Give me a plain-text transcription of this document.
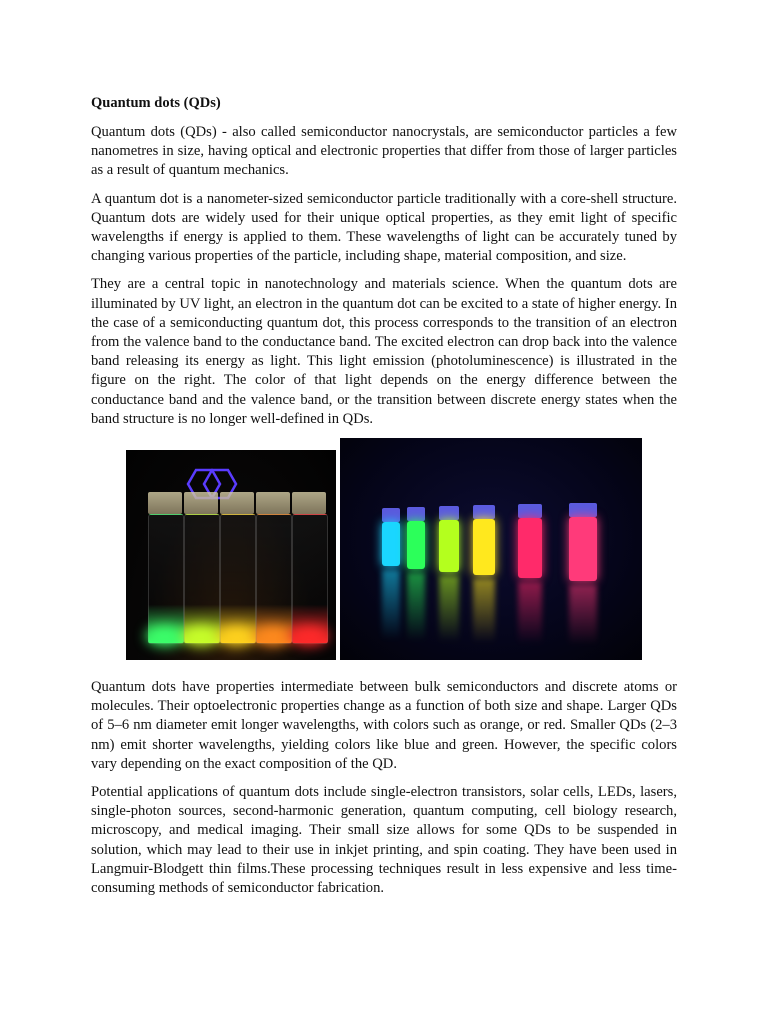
Quantum dots (QDs)

Quantum dots (QDs) - also called semiconductor nanocrystals, are semiconductor particles a few nanometres in size, having optical and electronic properties that differ from those of larger particles as a result of quantum mechanics.

A quantum dot is a nanometer-sized semiconductor particle traditionally with a core-shell structure. Quantum dots are widely used for their unique optical properties, as they emit light of specific wavelengths if energy is applied to them. These wavelengths of light can be accurately tuned by changing various properties of the particle, including shape, material composition, and size.

They are a central topic in nanotechnology and materials science. When the quantum dots are illuminated by UV light, an electron in the quantum dot can be excited to a state of higher energy. In the case of a semiconducting quantum dot, this process corresponds to the transition of an electron from the valence band to the conductance band. The excited electron can drop back into the valence band releasing its energy as light. This light emission (photoluminescence) is illustrated in the figure on the right. The color of that light depends on the energy difference between the conductance band and the valence band, or the transition between discrete energy states when the band structure is no longer well-defined in QDs.

Quantum dots have properties intermediate between bulk semiconductors and discrete atoms or molecules. Their optoelectronic properties change as a function of both size and shape. Larger QDs of 5–6 nm diameter emit longer wavelengths, with colors such as orange, or red. Smaller QDs (2–3 nm) emit shorter wavelengths, yielding colors like blue and green. However, the specific colors vary depending on the exact composition of the QD.

Potential applications of quantum dots include single-electron transistors, solar cells, LEDs, lasers, single-photon sources, second-harmonic generation, quantum computing, cell biology research, microscopy, and medical imaging. Their small size allows for some QDs to be suspended in solution, which may lead to their use in inkjet printing, and spin coating. They have been used in Langmuir-Blodgett thin films.These processing techniques result in less expensive and less time-consuming methods of semiconductor fabrication.
